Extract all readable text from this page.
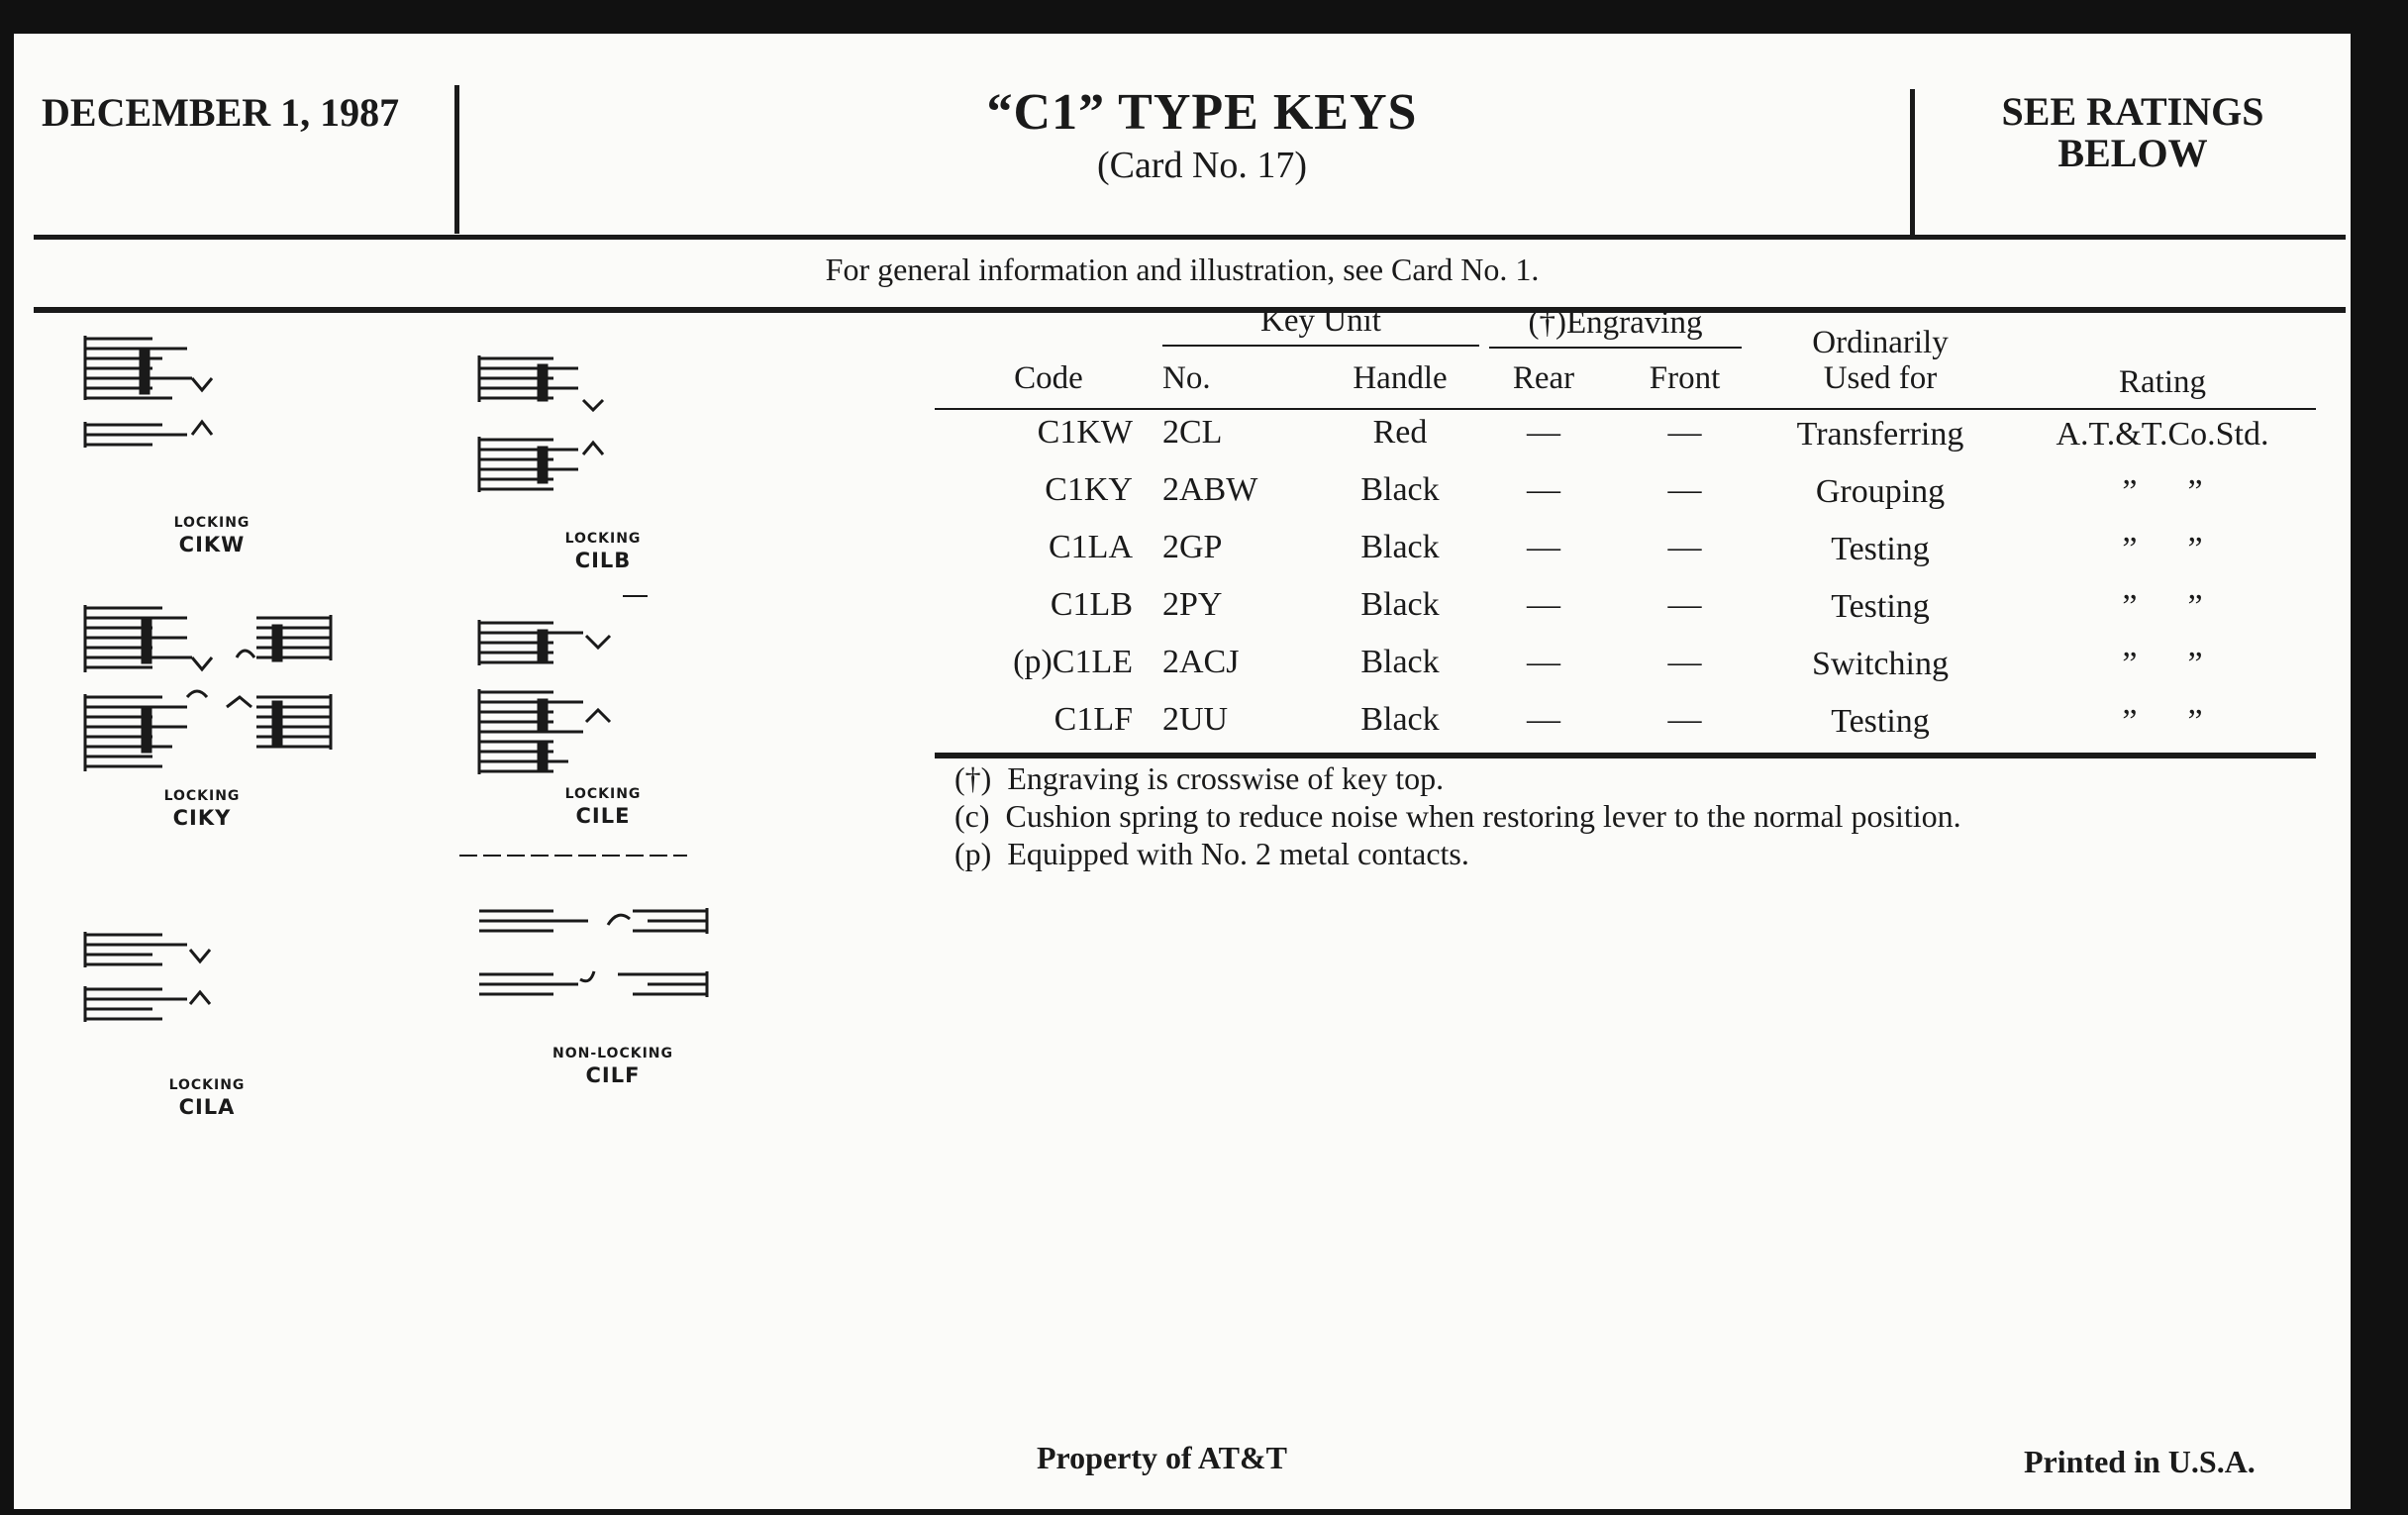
DECEMBER 1, 1987	“C1” TYPE KEYS
(Card No. 17)
SEE RATINGS
BELOW
For general information and illustration, see Card No. 1.
LOCKING
CIKW	LOCKING
CILB
LOCKING
CIKY
LOCKING
CILE
LOCKING
CILA
NON-LOCKING
CILF
Key Unit	(†)Engraving
Code	No.	Handle	Rear	Front
Ordinarily
Used for	Rating
C1KW 2CL	Red	—	—	Transferring	A.T.&T.Co.Std.
C1KY 2ABW	Black	—	—	Grouping	”      ”
C1LA 2GP	Black	—	—	Testing	”      ”
C1LB 2PY	Black	—	—	Testing	”      ”
(p)C1LE 2ACJ	Black	—	—	Switching	”      ”
C1LF 2UU	Black	—	—	Testing	”      ”
(†)  Engraving is crosswise of key top.
(c)  Cushion spring to reduce noise when restoring lever to the normal position.
(p)  Equipped with No. 2 metal contacts.
Property of AT&T	Printed in U.S.A.
